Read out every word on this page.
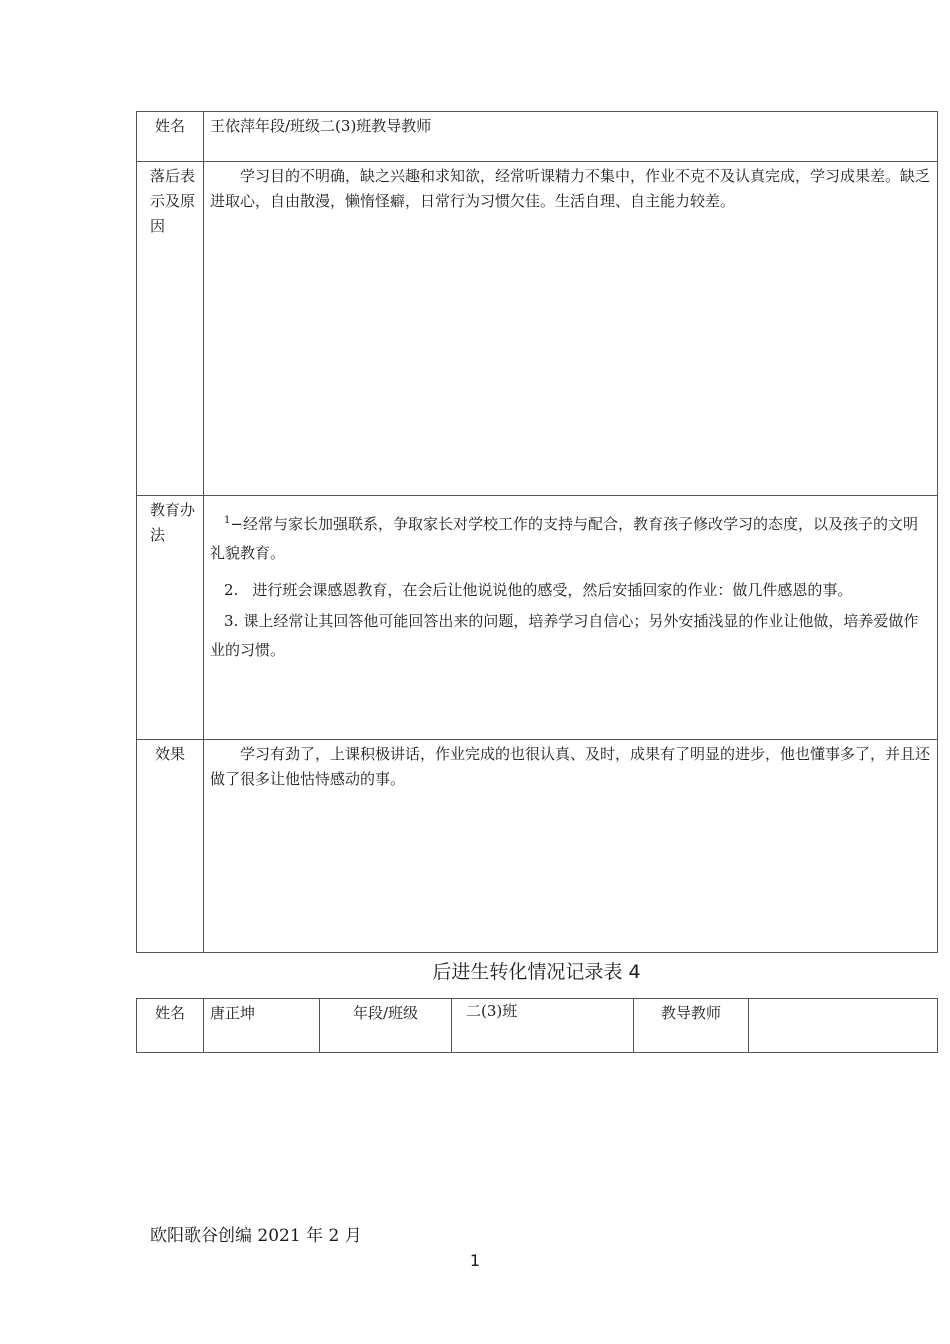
姓名	王依萍年段/班级二(3)班教导教师
落后表示及原因	学习目的不明确，缺之兴趣和求知欲，经常听课精力不集中，作业不克不及认真完成，学习成果差。缺乏进取心，自由散漫，懒惰怪癖，日常行为习惯欠佳。生活自理、自主能力较差。

教育办法	$^1$−经常与家长加强联系，争取家长对学校工作的支持与配合，教育孩子修改学习的态度，以及孩子的文明礼貌教育。

2. 进行班会课感恩教育，在会后让他说说他的感受，然后安插回家的作业：做几件感恩的事。

3. 课上经常让其回答他可能回答出来的问题，培养学习自信心；另外安插浅显的作业让他做，培养爱做作业的习惯。

效果	学习有劲了，上课积极讲话，作业完成的也很认真、及时，成果有了明显的进步，他也懂事多了，并且还做了很多让他怙恃感动的事。

后进生转化情况记录表 4
姓名	唐正坤	年段/班级	二(3)班	教导教师	
欧阳歌谷创编 2021 年 2 月
1
